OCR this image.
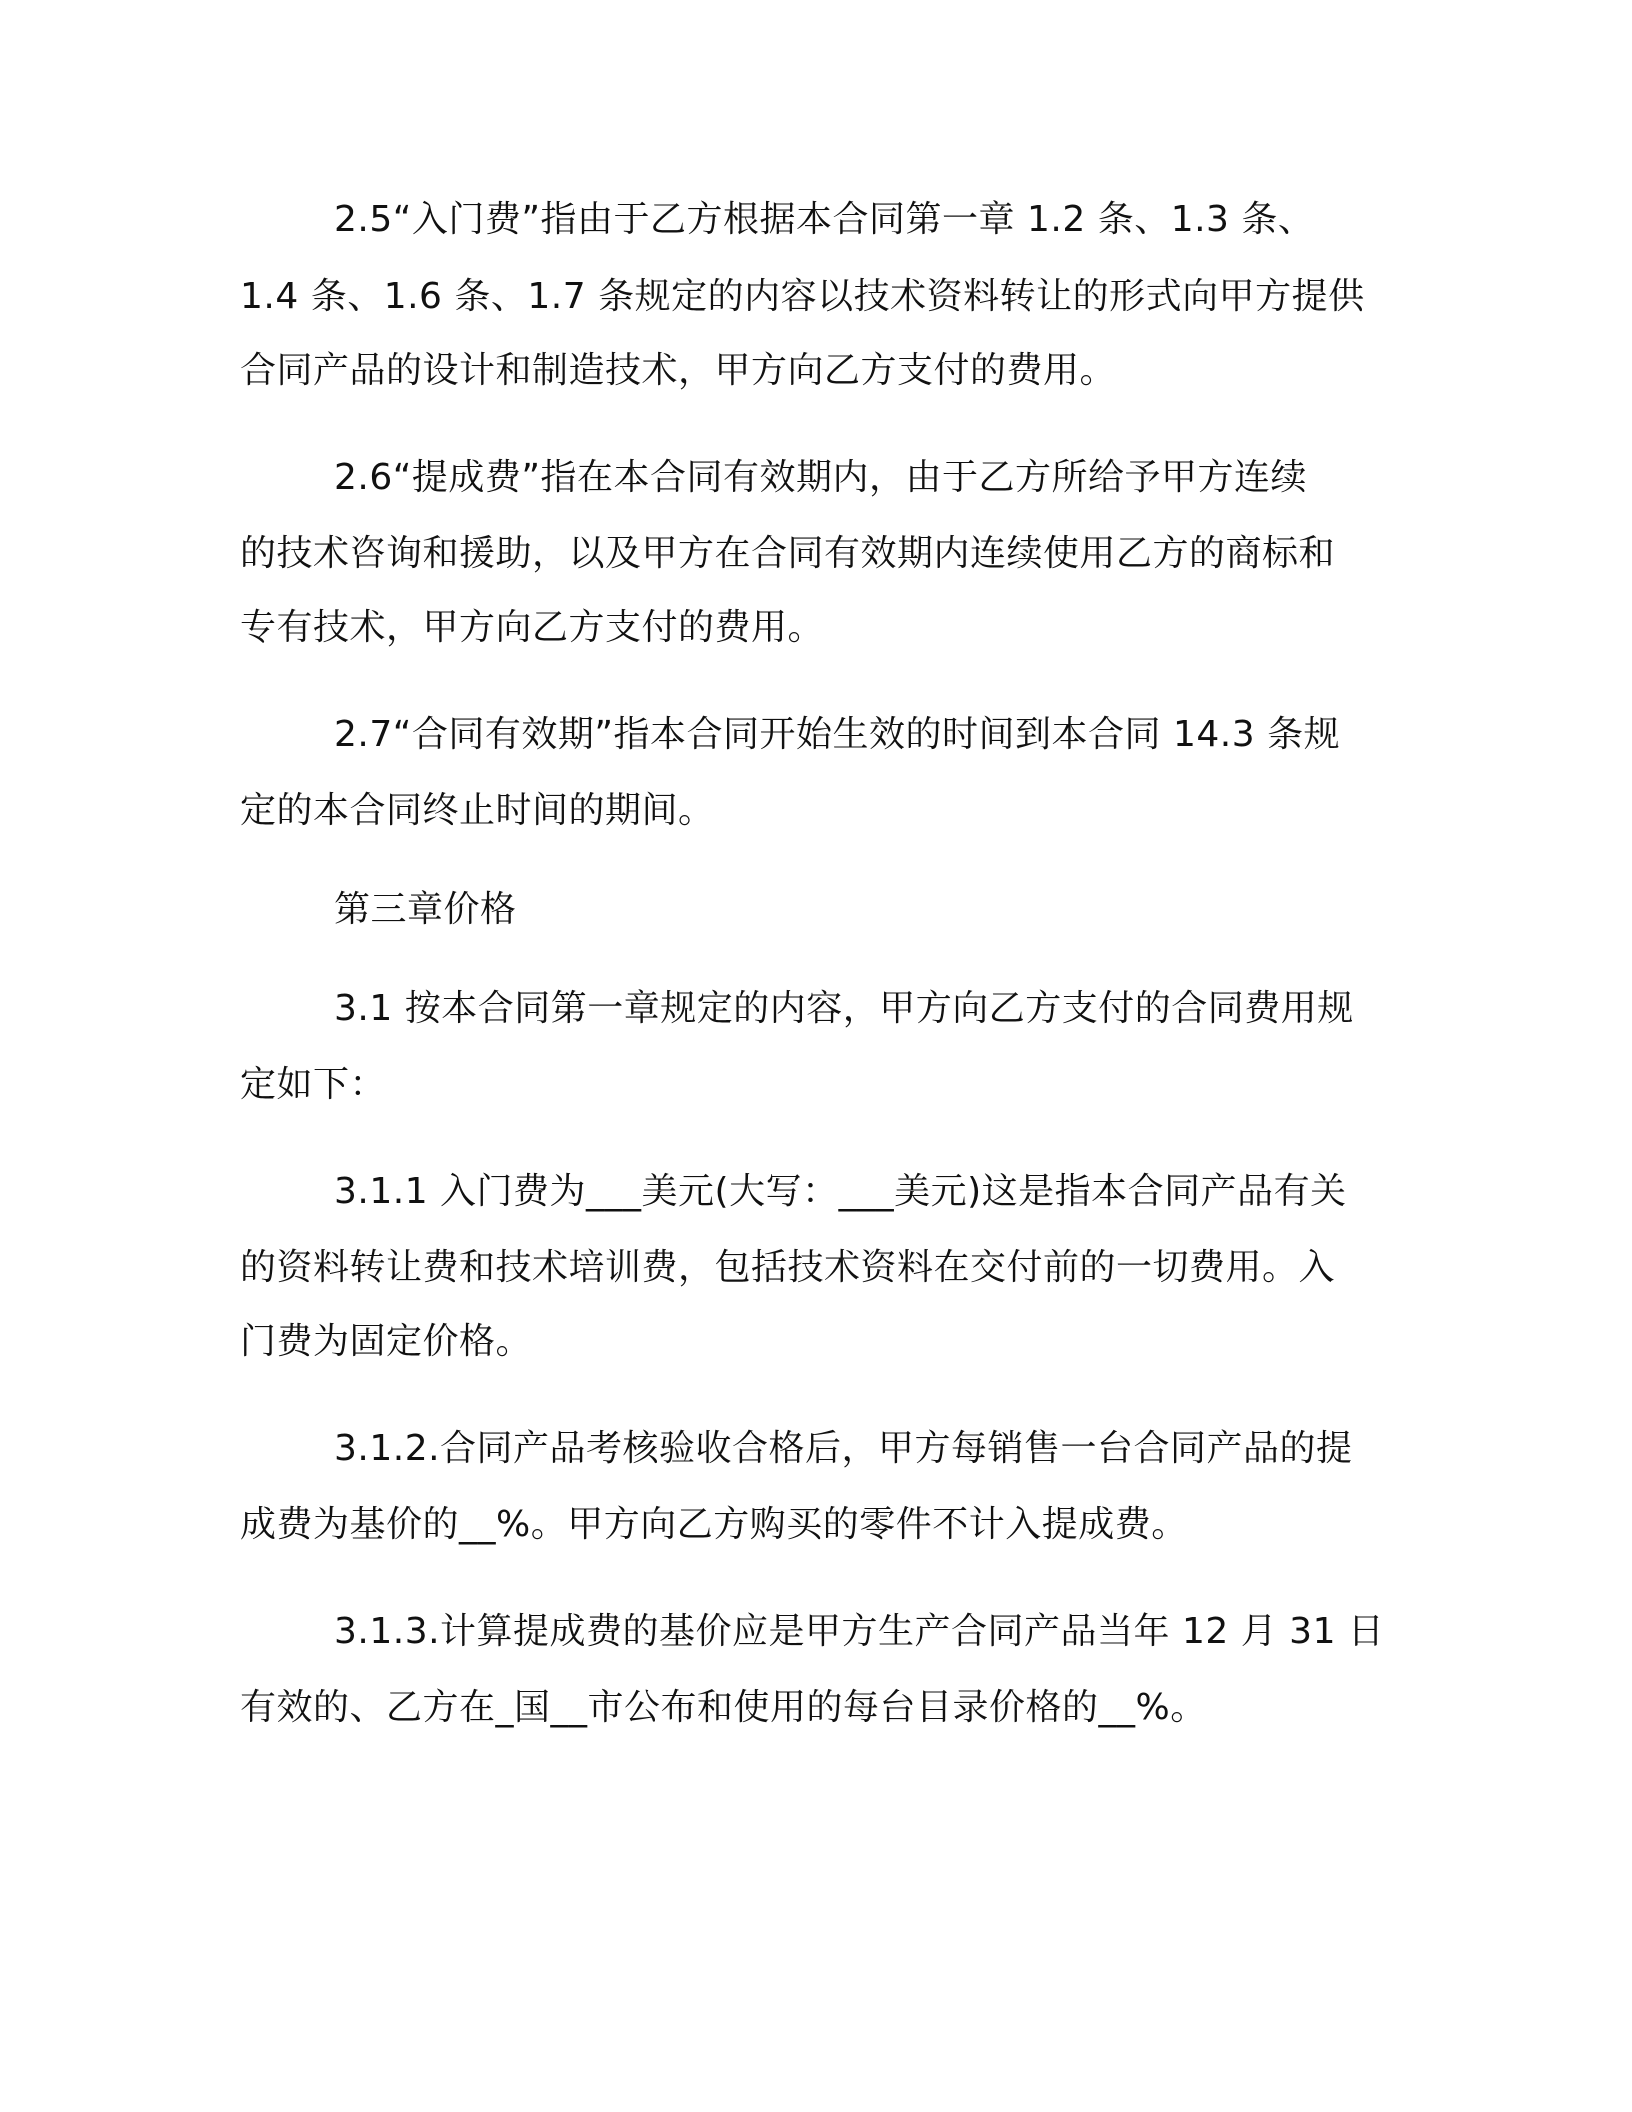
2.5“入门费”指由于乙方根据本合同第一章 1.2 条、1.3 条、
1.4 条、1.6 条、1.7 条规定的内容以技术资料转让的形式向甲方提供
合同产品的设计和制造技术，甲方向乙方支付的费用。
2.6“提成费”指在本合同有效期内，由于乙方所给予甲方连续
的技术咨询和援助，以及甲方在合同有效期内连续使用乙方的商标和
专有技术，甲方向乙方支付的费用。
2.7“合同有效期”指本合同开始生效的时间到本合同 14.3 条规
定的本合同终止时间的期间。
第三章价格
3.1 按本合同第一章规定的内容，甲方向乙方支付的合同费用规
定如下：
3.1.1 入门费为___美元(大写：___美元)这是指本合同产品有关
的资料转让费和技术培训费，包括技术资料在交付前的一切费用。入
门费为固定价格。
3.1.2.合同产品考核验收合格后，甲方每销售一台合同产品的提
成费为基价的__%。甲方向乙方购买的零件不计入提成费。
3.1.3.计算提成费的基价应是甲方生产合同产品当年 12 月 31 日
有效的、乙方在_国__市公布和使用的每台目录价格的__%。
